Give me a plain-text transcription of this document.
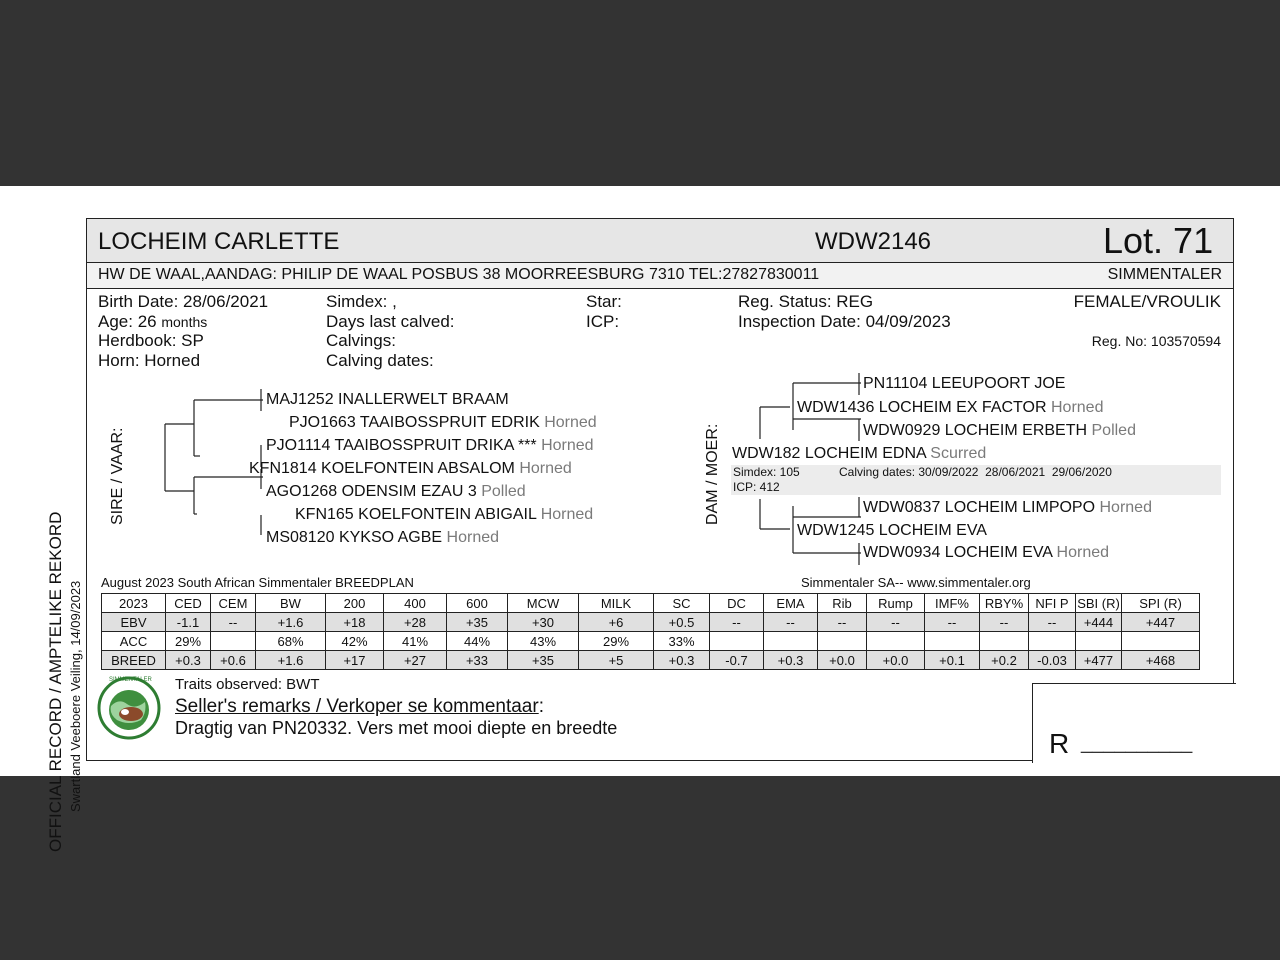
OFFICIAL RECORD / AMPTELIKE REKORD Swartland Veeboere Veiling, 14/09/2023
LOCHEIM CARLETTE	WDW2146	Lot. 71
HW DE WAAL,AANDAG: PHILIP DE WAAL POSBUS 38 MOORREESBURG 7310 TEL:27827830011	SIMMENTALER
Birth Date: 28/06/2021
Age: 26 months
Herdbook: SP
Horn: Horned
Simdex: ,
Days last calved:
Calvings:
Calving dates:
Star:
ICP:
Reg. Status: REG
Inspection Date: 04/09/2023
FEMALE/VROULIK
Reg. No: 103570594
SIRE / VAAR:
MAJ1252 INALLERWELT BRAAM
PJO1663 TAAIBOSSPRUIT EDRIK Horned
PJO1114 TAAIBOSSPRUIT DRIKA *** Horned
KFN1814 KOELFONTEIN ABSALOM Horned
AGO1268 ODENSIM EZAU 3 Polled
KFN165 KOELFONTEIN ABIGAIL Horned
MS08120 KYKSO AGBE Horned
DAM / MOER:
PN11104 LEEUPOORT JOE
WDW1436 LOCHEIM EX FACTOR Horned
WDW0929 LOCHEIM ERBETH Polled
WDW182 LOCHEIM EDNA Scurred
Simdex: 105	Calving dates: 30/09/2022  28/06/2021  29/06/2020
ICP: 412
WDW0837 LOCHEIM LIMPOPO Horned
WDW1245 LOCHEIM EVA
WDW0934 LOCHEIM EVA Horned
August 2023 South African Simmentaler BREEDPLAN	Simmentaler SA-- www.simmentaler.org
2023	CED	CEM	BW	200	400	600	MCW	MILK	SC	DC	EMA	Rib	Rump	IMF%	RBY%	NFI P	SBI (R)	SPI (R)
EBV	-1.1	--	+1.6	+18	+28	+35	+30	+6	+0.5	--	--	--	--	--	--	--	+444	+447
ACC	29%		68%	42%	41%	44%	43%	29%	33%									
BREED	+0.3	+0.6	+1.6	+17	+27	+33	+35	+5	+0.3	-0.7	+0.3	+0.0	+0.0	+0.1	+0.2	-0.03	+477	+468
SIMMENTALER Traits observed: BWT
Seller's remarks / Verkoper se kommentaar:
Dragtig van PN20332. Vers met mooi diepte en breedte	R __________
